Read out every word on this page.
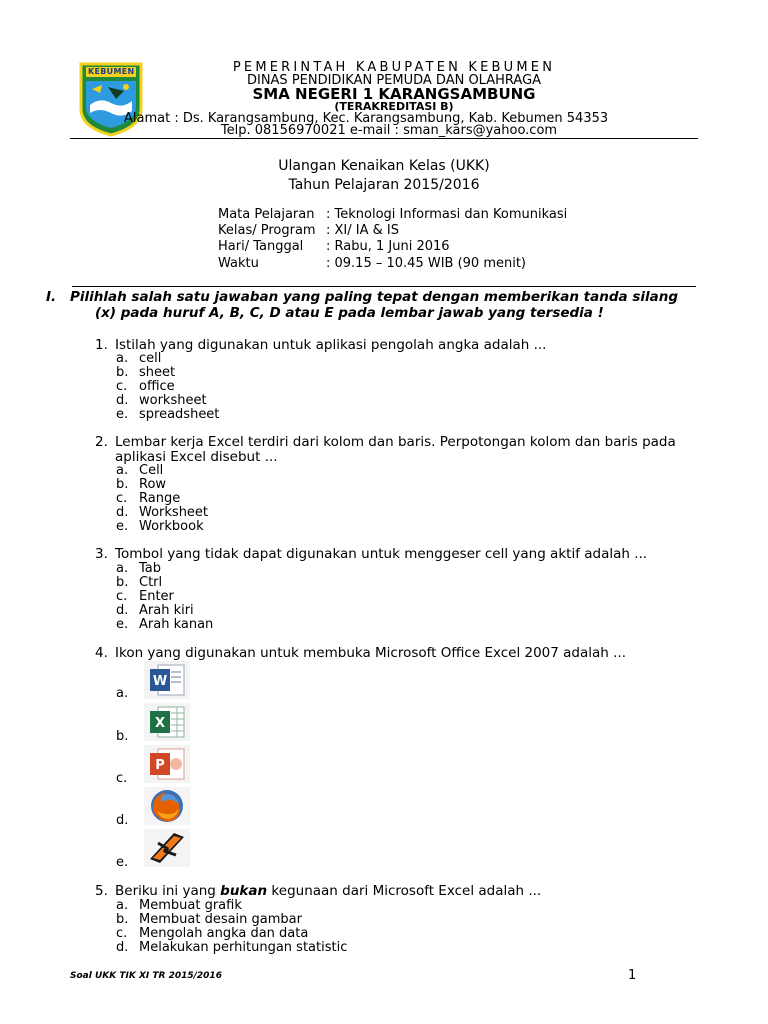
KEBUMEN	PEMERINTAH KABUPATEN KEBUMEN
DINAS PENDIDIKAN PEMUDA DAN OLAHRAGA
SMA NEGERI 1 KARANGSAMBUNG
(TERAKREDITASI B)
Alamat : Ds. Karangsambung, Kec. Karangsambung, Kab. Kebumen 54353
Telp. 08156970021 e-mail : sman_kars@yahoo.com
Ulangan Kenaikan Kelas (UKK)
Tahun Pelajaran 2015/2016
Mata Pelajaran : Teknologi Informasi dan Komunikasi
Kelas/ Program : XI/ IA & IS
Hari/ Tanggal : Rabu, 1 Juni 2016
Waktu	: 09.15 – 10.45 WIB (90 menit)
I. Pilihlah salah satu jawaban yang paling tepat dengan memberikan tanda silang
(x) pada huruf A, B, C, D atau E pada lembar jawab yang tersedia !
1. Istilah yang digunakan untuk aplikasi pengolah angka adalah ...
a. cell
b. sheet
c. office
d. worksheet
e. spreadsheet
2. Lembar kerja Excel terdiri dari kolom dan baris. Perpotongan kolom dan baris pada
aplikasi Excel disebut ...
a. Cell
b. Row
c. Range
d. Worksheet
e. Workbook
3. Tombol yang tidak dapat digunakan untuk menggeser cell yang aktif adalah ...
a. Tab
b. Ctrl
c. Enter
d. Arah kiri
e. Arah kanan
4. Ikon yang digunakan untuk membuka Microsoft Office Excel 2007 adalah ...
a.
W
b.
X
c.
P
d.
e.
5. Beriku ini yang bukan kegunaan dari Microsoft Excel adalah ...
a. Membuat grafik
b. Membuat desain gambar
c. Mengolah angka dan data
d. Melakukan perhitungan statistic
Soal UKK TIK XI TR 2015/2016	1
